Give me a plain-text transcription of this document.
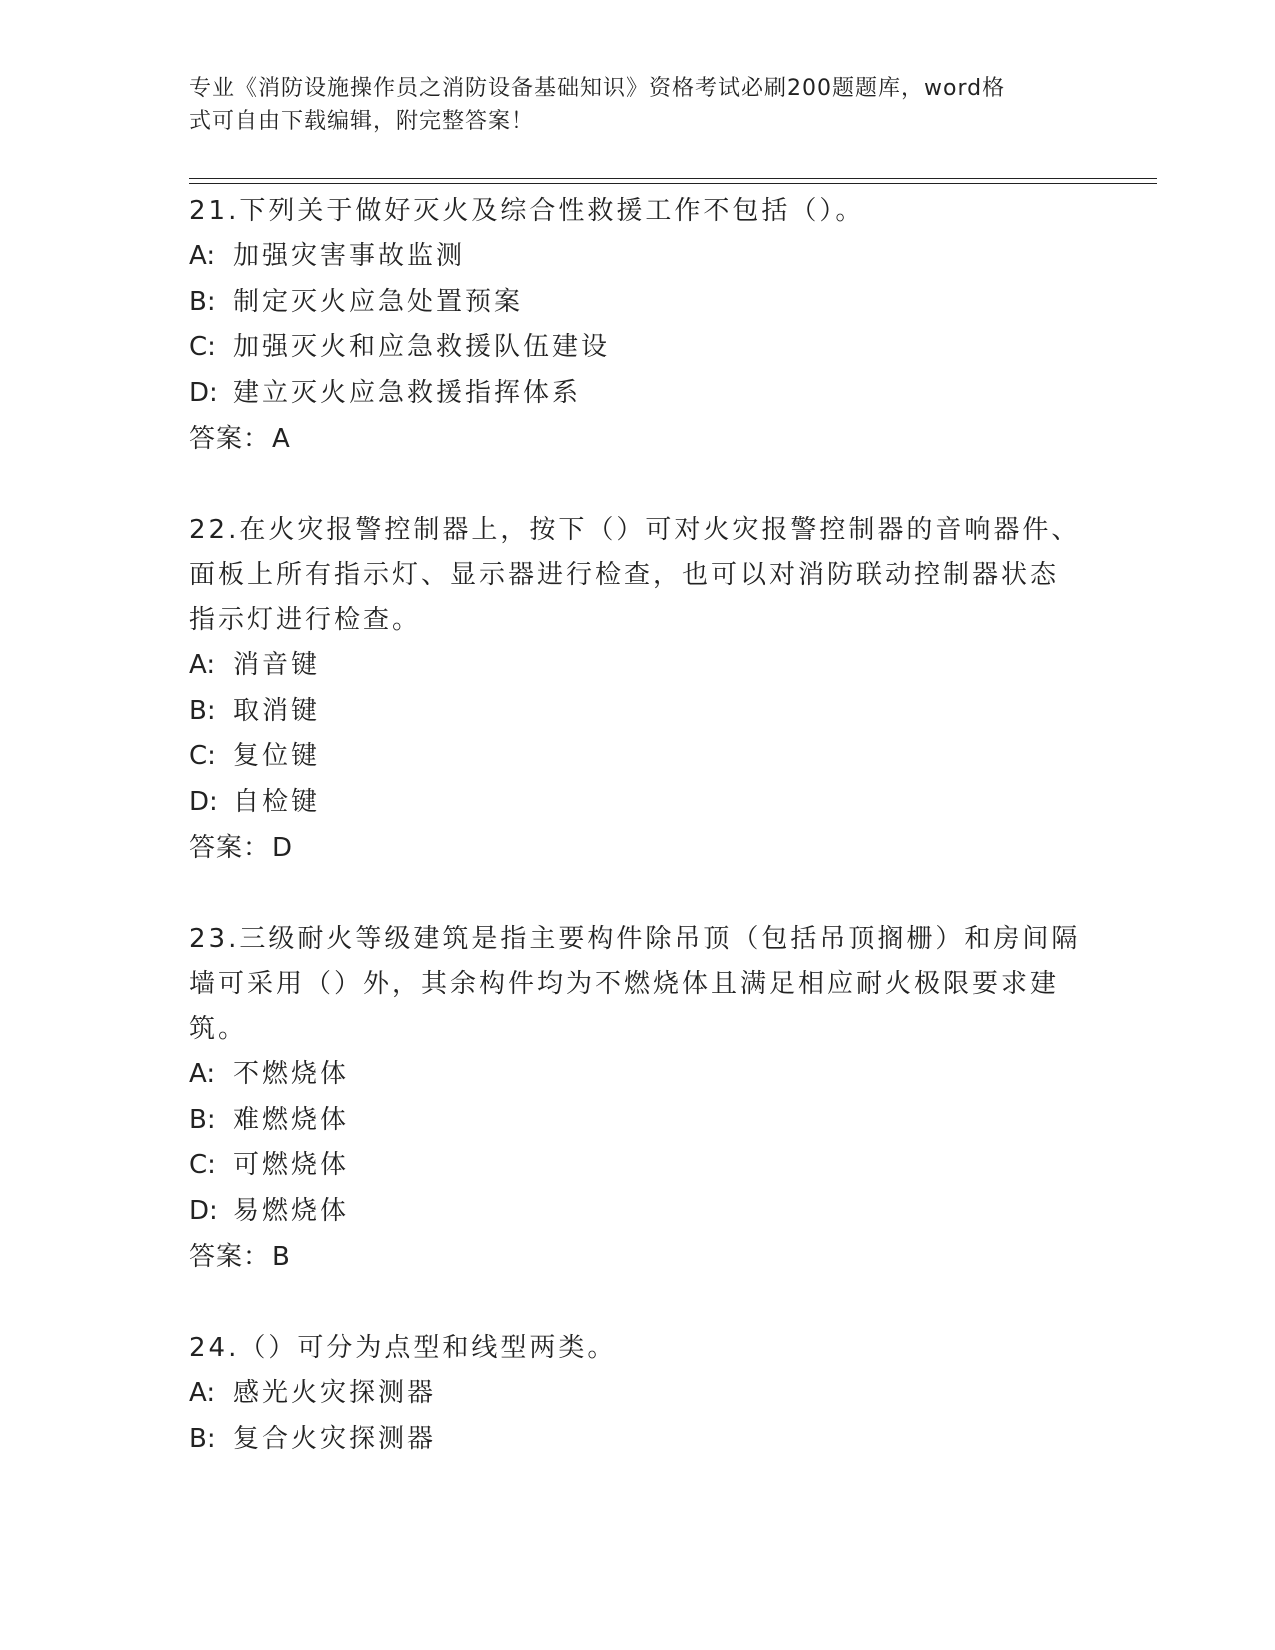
专业《消防设施操作员之消防设备基础知识》资格考试必刷200题题库，word格
式可自由下载编辑，附完整答案！
21.下列关于做好灭火及综合性救援工作不包括（）。
A: 加强灾害事故监测
B: 制定灭火应急处置预案
C: 加强灭火和应急救援队伍建设
D: 建立灭火应急救援指挥体系
答案：A
22.在火灾报警控制器上，按下（）可对火灾报警控制器的音响器件、
面板上所有指示灯、显示器进行检查，也可以对消防联动控制器状态
指示灯进行检查。
A: 消音键
B: 取消键
C: 复位键
D: 自检键
答案：D
23.三级耐火等级建筑是指主要构件除吊顶（包括吊顶搁栅）和房间隔
墙可采用（）外，其余构件均为不燃烧体且满足相应耐火极限要求建
筑。
A: 不燃烧体
B: 难燃烧体
C: 可燃烧体
D: 易燃烧体
答案：B
24.（）可分为点型和线型两类。
A: 感光火灾探测器
B: 复合火灾探测器
